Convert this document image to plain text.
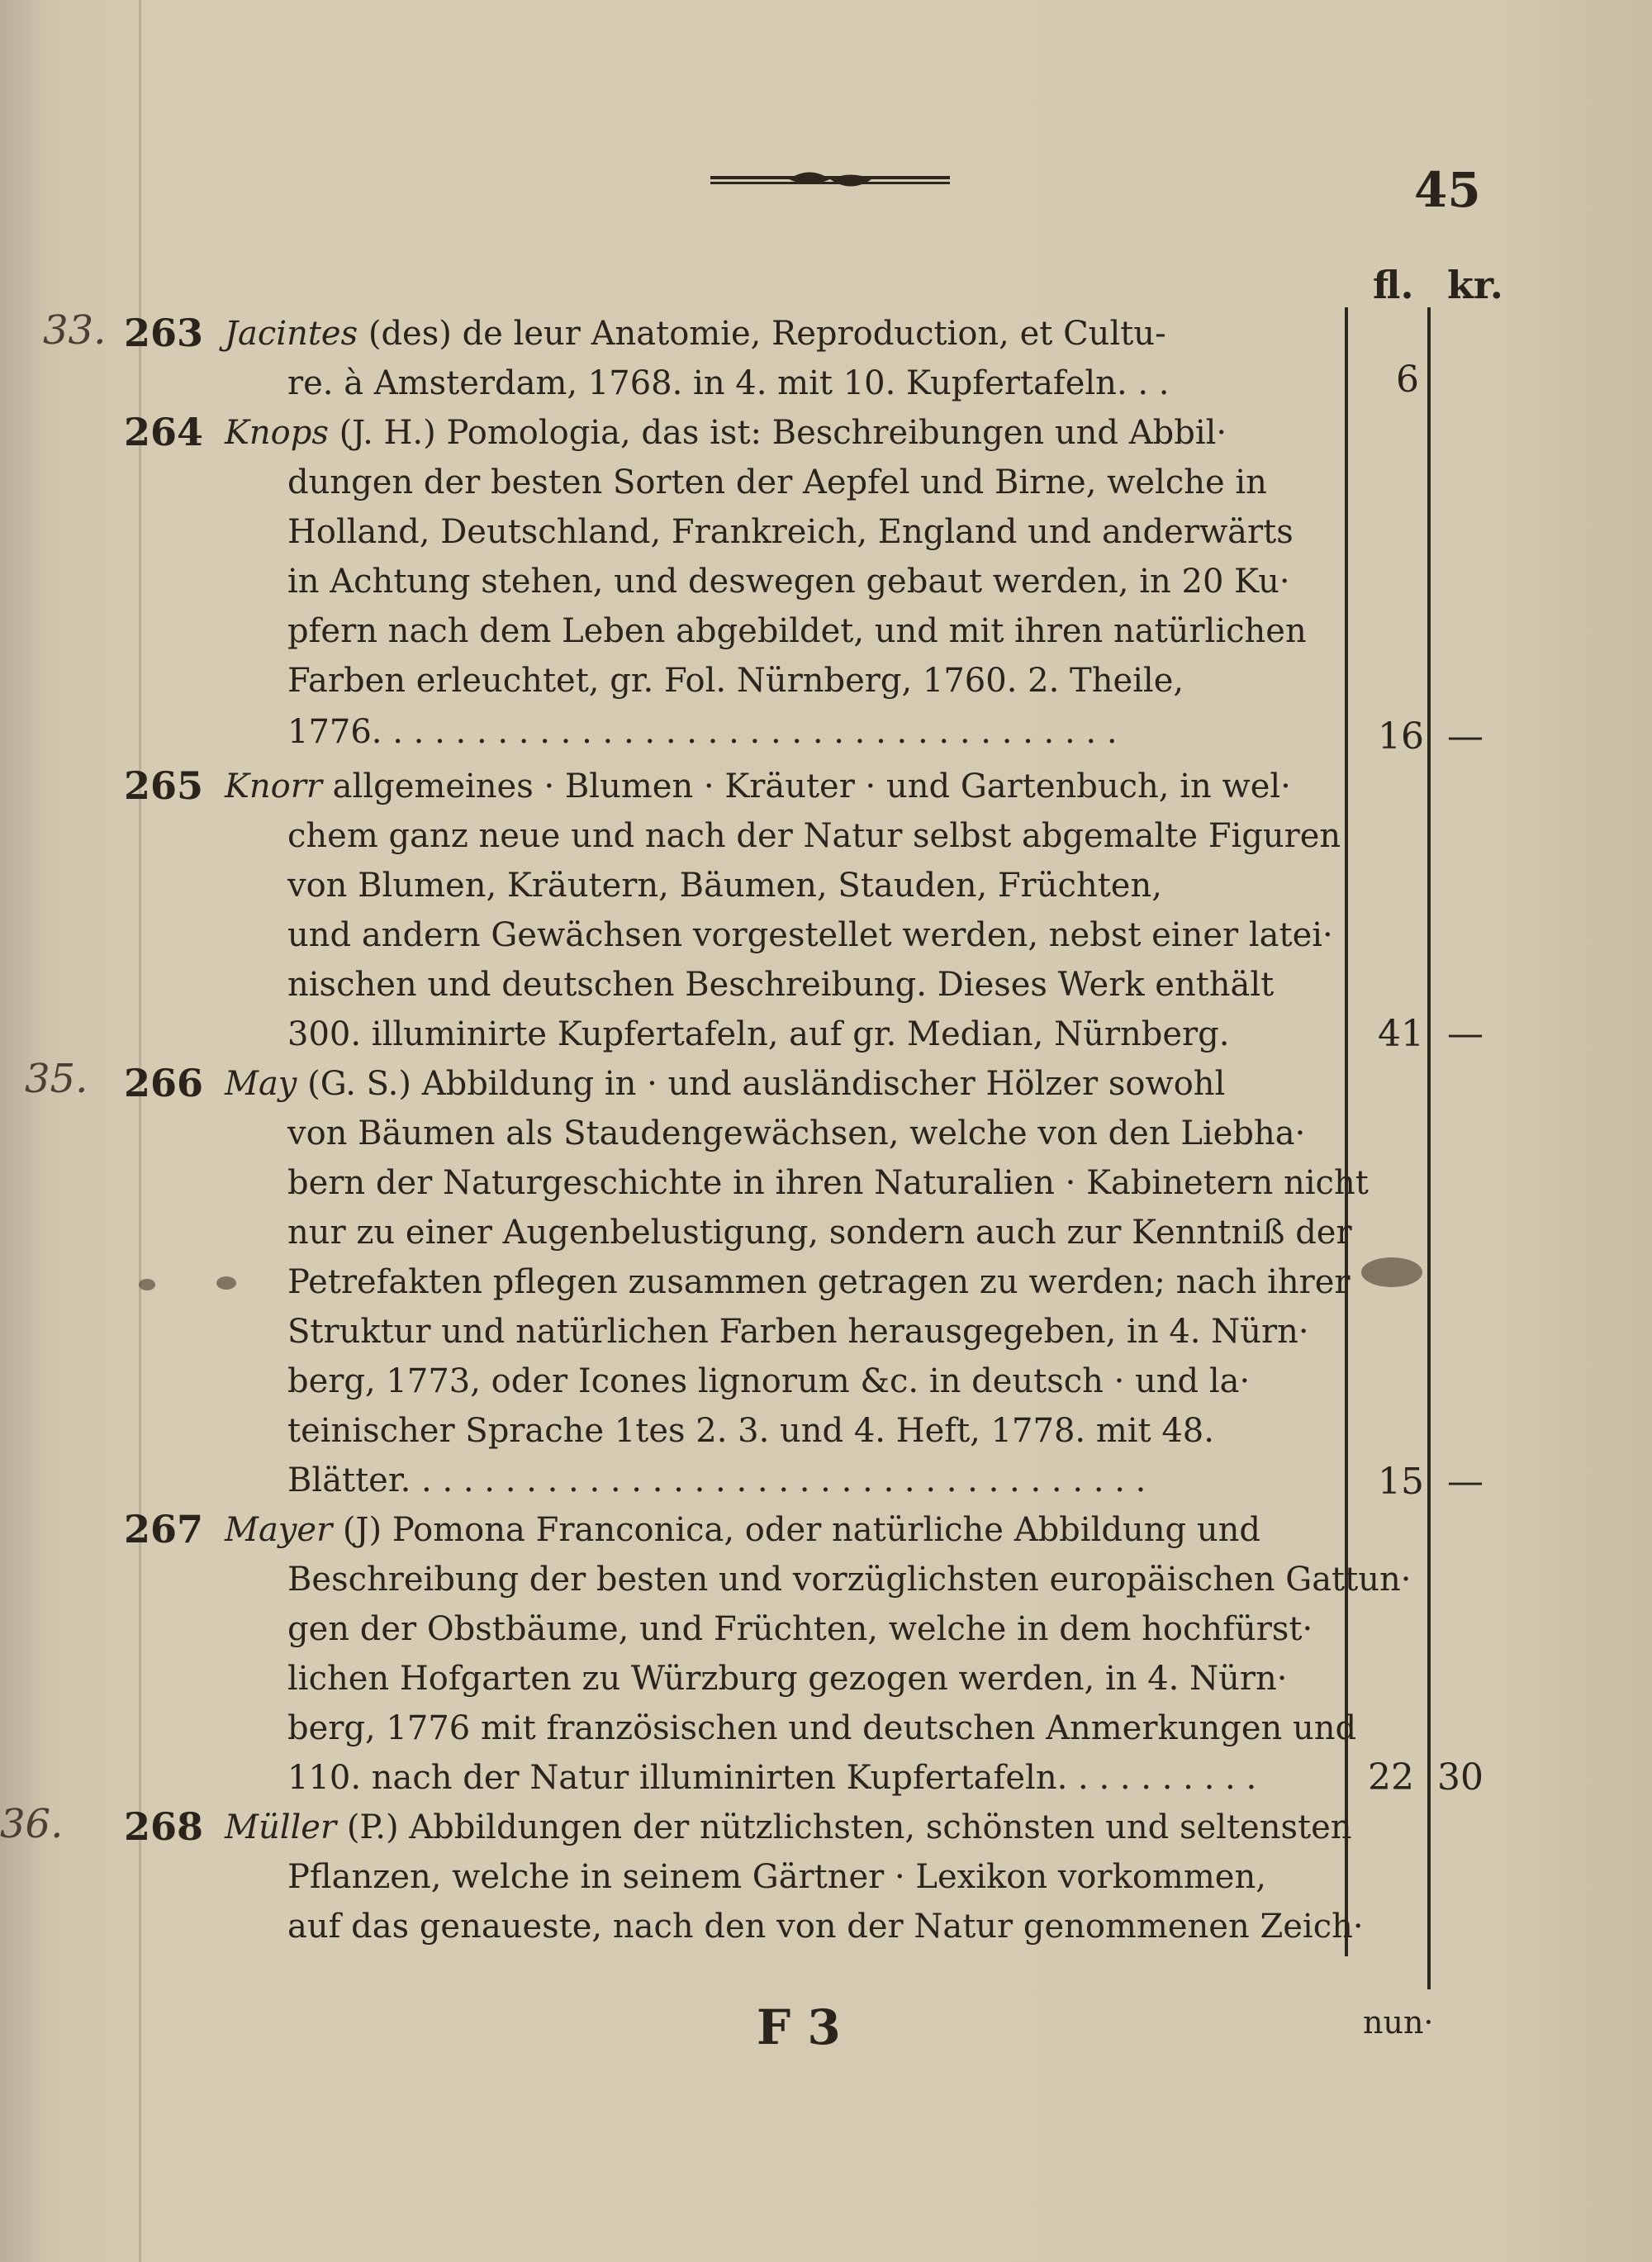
45
fl. kr.
33.
35.
36.
263 Jacintes (des) de leur Anatomie, Reproduction, et Cultu-
re. à Amsterdam, 1768. in 4. mit 10. Kupfertafeln. . .	6
264 Knops (J. H.) Pomologia, das ist: Beschreibungen und Abbil·
dungen der besten Sorten der Aepfel und Birne, welche in
Holland, Deutschland, Frankreich, England und anderwärts
in Achtung stehen, und deswegen gebaut werden, in 20 Ku·
pfern nach dem Leben abgebildet, und mit ihren natürlichen
Farben erleuchtet, gr. Fol. Nürnberg, 1760. 2. Theile,
1776. . . . . . . . . . . . . . . . . . . . . . . . . . . . . . . . . . . .	16 —
265 Knorr allgemeines · Blumen · Kräuter · und Gartenbuch, in wel·
chem ganz neue und nach der Natur selbst abgemalte Figuren
von Blumen, Kräutern, Bäumen, Stauden, Früchten,
und andern Gewächsen vorgestellet werden, nebst einer latei·
nischen und deutschen Beschreibung. Dieses Werk enthält
300. illuminirte Kupfertafeln, auf gr. Median, Nürnberg.	41 —
266 May (G. S.) Abbildung in · und ausländischer Hölzer sowohl
von Bäumen als Staudengewächsen, welche von den Liebha·
bern der Naturgeschichte in ihren Naturalien · Kabinetern nicht
nur zu einer Augenbelustigung, sondern auch zur Kenntniß der
Petrefakten pflegen zusammen getragen zu werden; nach ihrer
Struktur und natürlichen Farben herausgegeben, in 4. Nürn·
berg, 1773, oder Icones lignorum &c. in deutsch · und la·
teinischer Sprache 1tes 2. 3. und 4. Heft, 1778. mit 48.
Blätter. . . . . . . . . . . . . . . . . . . . . . . . . . . . . . . . . . . .	15 —
267 Mayer (J) Pomona Franconica, oder natürliche Abbildung und
Beschreibung der besten und vorzüglichsten europäischen Gattun·
gen der Obstbäume, und Früchten, welche in dem hochfürst·
lichen Hofgarten zu Würzburg gezogen werden, in 4. Nürn·
berg, 1776 mit französischen und deutschen Anmerkungen und
110. nach der Natur illuminirten Kupfertafeln. . . . . . . . . .	22 30
268 Müller (P.) Abbildungen der nützlichsten, schönsten und seltensten
Pflanzen, welche in seinem Gärtner · Lexikon vorkommen,
auf das genaueste, nach den von der Natur genommenen Zeich·
F 3	nun·
